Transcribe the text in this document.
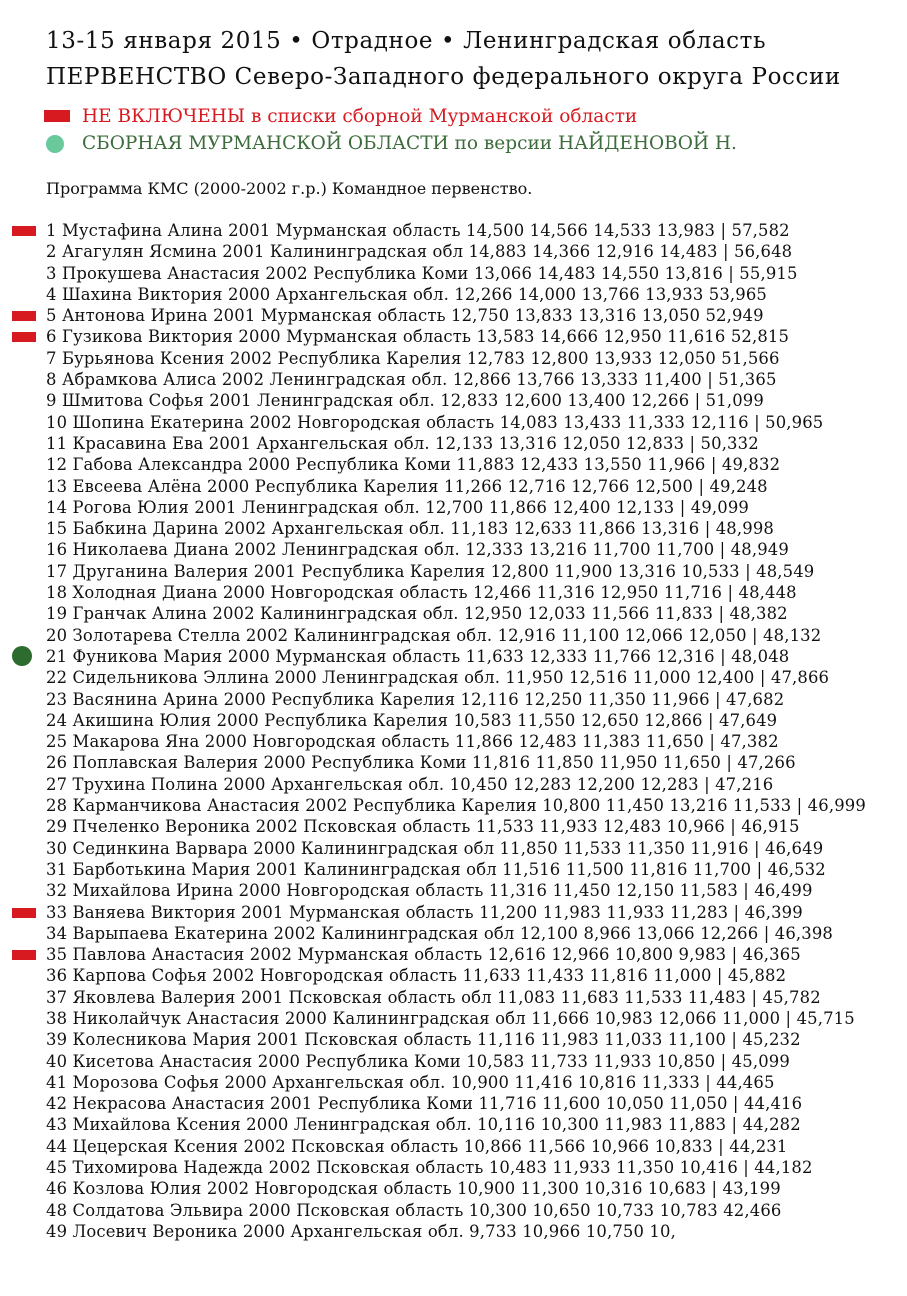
13-15 января 2015 • Отрадное • Ленинградская область
ПЕРВЕНСТВО Северо-Западного федерального округа России
НЕ ВКЛЮЧЕНЫ в списки сборной Мурманской области
СБОРНАЯ МУРМАНСКОЙ ОБЛАСТИ по версии НАЙДЕНОВОЙ Н.
Программа КМС (2000-2002 г.р.) Командное первенство.
1 Мустафина Алина 2001 Мурманская область 14,500 14,566 14,533 13,983 | 57,582
2 Агагулян Ясмина 2001 Калининградская обл 14,883 14,366 12,916 14,483 | 56,648
3 Прокушева Анастасия 2002 Республика Коми 13,066 14,483 14,550 13,816 | 55,915
4 Шахина Виктория 2000 Архангельская обл. 12,266 14,000 13,766 13,933 53,965
5 Антонова Ирина 2001 Мурманская область 12,750 13,833 13,316 13,050 52,949
6 Гузикова Виктория 2000 Мурманская область 13,583 14,666 12,950 11,616 52,815
7 Бурьянова Ксения 2002 Республика Карелия 12,783 12,800 13,933 12,050 51,566
8 Абрамкова Алиса 2002 Ленинградская обл. 12,866 13,766 13,333 11,400 | 51,365
9 Шмитова Софья 2001 Ленинградская обл. 12,833 12,600 13,400 12,266 | 51,099
10 Шопина Екатерина 2002 Новгородская область 14,083 13,433 11,333 12,116 | 50,965
11 Красавина Ева 2001 Архангельская обл. 12,133 13,316 12,050 12,833 | 50,332
12 Габова Александра 2000 Республика Коми 11,883 12,433 13,550 11,966 | 49,832
13 Евсеева Алёна 2000 Республика Карелия 11,266 12,716 12,766 12,500 | 49,248
14 Рогова Юлия 2001 Ленинградская обл. 12,700 11,866 12,400 12,133 | 49,099
15 Бабкина Дарина 2002 Архангельская обл. 11,183 12,633 11,866 13,316 | 48,998
16 Николаева Диана 2002 Ленинградская обл. 12,333 13,216 11,700 11,700 | 48,949
17 Друганина Валерия 2001 Республика Карелия 12,800 11,900 13,316 10,533 | 48,549
18 Холодная Диана 2000 Новгородская область 12,466 11,316 12,950 11,716 | 48,448
19 Гранчак Алина 2002 Калининградская обл. 12,950 12,033 11,566 11,833 | 48,382
20 Золотарева Стелла 2002 Калининградская обл. 12,916 11,100 12,066 12,050 | 48,132
21 Фуникова Мария 2000 Мурманская область 11,633 12,333 11,766 12,316 | 48,048
22 Сидельникова Эллина 2000 Ленинградская обл. 11,950 12,516 11,000 12,400 | 47,866
23 Васянина Арина 2000 Республика Карелия 12,116 12,250 11,350 11,966 | 47,682
24 Акишина Юлия 2000 Республика Карелия 10,583 11,550 12,650 12,866 | 47,649
25 Макарова Яна 2000 Новгородская область 11,866 12,483 11,383 11,650 | 47,382
26 Поплавская Валерия 2000 Республика Коми 11,816 11,850 11,950 11,650 | 47,266
27 Трухина Полина 2000 Архангельская обл. 10,450 12,283 12,200 12,283 | 47,216
28 Карманчикова Анастасия 2002 Республика Карелия 10,800 11,450 13,216 11,533 | 46,999
29 Пчеленко Вероника 2002 Псковская область 11,533 11,933 12,483 10,966 | 46,915
30 Сединкина Варвара 2000 Калининградская обл 11,850 11,533 11,350 11,916 | 46,649
31 Барботькина Мария 2001 Калининградская обл 11,516 11,500 11,816 11,700 | 46,532
32 Михайлова Ирина 2000 Новгородская область 11,316 11,450 12,150 11,583 | 46,499
33 Ваняева Виктория 2001 Мурманская область 11,200 11,983 11,933 11,283 | 46,399
34 Варыпаева Екатерина 2002 Калининградская обл 12,100 8,966 13,066 12,266 | 46,398
35 Павлова Анастасия 2002 Мурманская область 12,616 12,966 10,800 9,983 | 46,365
36 Карпова Софья 2002 Новгородская область 11,633 11,433 11,816 11,000 | 45,882
37 Яковлева Валерия 2001 Псковская область обл 11,083 11,683 11,533 11,483 | 45,782
38 Николайчук Анастасия 2000 Калининградская обл 11,666 10,983 12,066 11,000 | 45,715
39 Колесникова Мария 2001 Псковская область 11,116 11,983 11,033 11,100 | 45,232
40 Кисетова Анастасия 2000 Республика Коми 10,583 11,733 11,933 10,850 | 45,099
41 Морозова Софья 2000 Архангельская обл. 10,900 11,416 10,816 11,333 | 44,465
42 Некрасова Анастасия 2001 Республика Коми 11,716 11,600 10,050 11,050 | 44,416
43 Михайлова Ксения 2000 Ленинградская обл. 10,116 10,300 11,983 11,883 | 44,282
44 Цецерская Ксения 2002 Псковская область 10,866 11,566 10,966 10,833 | 44,231
45 Тихомирова Надежда 2002 Псковская область 10,483 11,933 11,350 10,416 | 44,182
46 Козлова Юлия 2002 Новгородская область 10,900 11,300 10,316 10,683 | 43,199
48 Солдатова Эльвира 2000 Псковская область 10,300 10,650 10,733 10,783 42,466
49 Лосевич Вероника 2000 Архангельская обл. 9,733 10,966 10,750 10,
